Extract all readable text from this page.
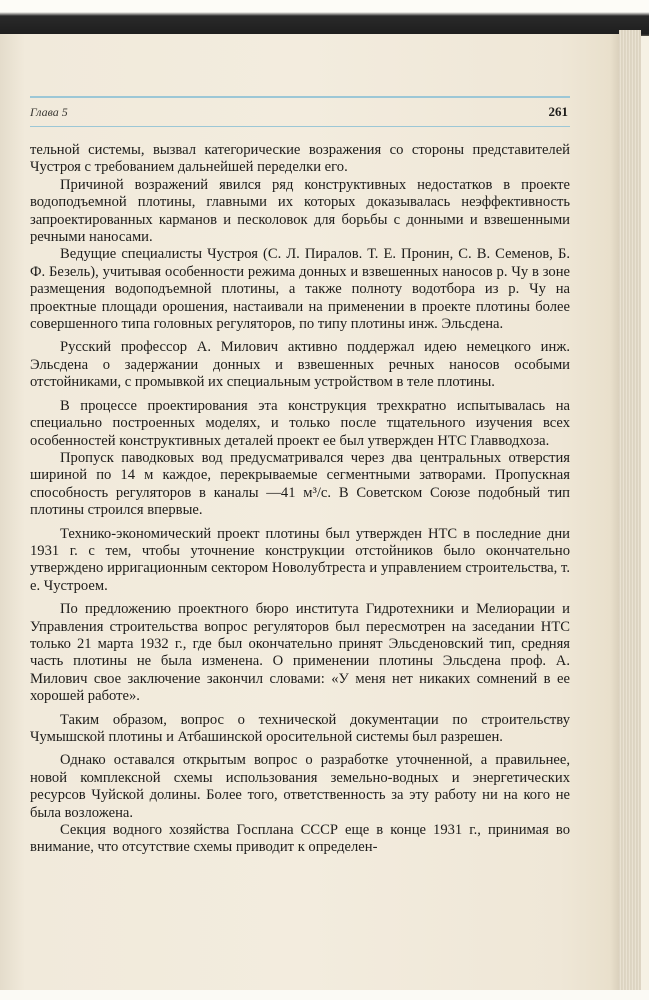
Глава 5	261

тельной системы, вызвал категорические возражения со стороны представителей Чустроя с требованием дальнейшей переделки его.

Причиной возражений явился ряд конструктивных недостатков в проекте водоподъемной плотины, главными их которых доказывалась неэффективность запроектированных карманов и песколовок для борьбы с донными и взвешенными речными наносами.

Ведущие специалисты Чустроя (С. Л. Пиралов. Т. Е. Пронин, С. В. Семенов, Б. Ф. Безель), учитывая особенности режима донных и взвешенных наносов р. Чу в зоне размещения водоподъемной плотины, а также полноту водотбора из р. Чу на проектные площади орошения, настаивали на применении в проекте плотины более совершенного типа головных регуляторов, по типу плотины инж. Эльсдена.

Русский профессор А. Милович активно поддержал идею немецкого инж. Эльсдена о задержании донных и взвешенных речных наносов особыми отстойниками, с промывкой их специальным устройством в теле плотины.

В процессе проектирования эта конструкция трехкратно испытывалась на специально построенных моделях, и только после тщательного изучения всех особенностей конструктивных деталей проект ее был утвержден НТС Главводхоза.

Пропуск паводковых вод предусматривался через два центральных отверстия шириной по 14 м каждое, перекрываемые сегментными затворами. Пропускная способность регуляторов в каналы —41 м³/с. В Советском Союзе подобный тип плотины строился впервые.

Технико-экономический проект плотины был утвержден НТС в последние дни 1931 г. с тем, чтобы уточнение конструкции отстойников было окончательно утверждено ирригационным сектором Новолубтреста и управлением строительства, т. е. Чустроем.

По предложению проектного бюро института Гидротехники и Мелиорации и Управления строительства вопрос регуляторов был пересмотрен на заседании НТС только 21 марта 1932 г., где был окончательно принят Эльсденовский тип, средняя часть плотины не была изменена. О применении плотины Эльсдена проф. А. Милович свое заключение закончил словами: «У меня нет никаких сомнений в ее хорошей работе».

Таким образом, вопрос о технической документации по строительству Чумышской плотины и Атбашинской оросительной системы был разрешен.

Однако оставался открытым вопрос о разработке уточненной, а правильнее, новой комплексной схемы использования земельно-водных и энергетических ресурсов Чуйской долины. Более того, ответственность за эту работу ни на кого не была возложена.

Секция водного хозяйства Госплана СССР еще в конце 1931 г., принимая во внимание, что отсутствие схемы приводит к определен-
